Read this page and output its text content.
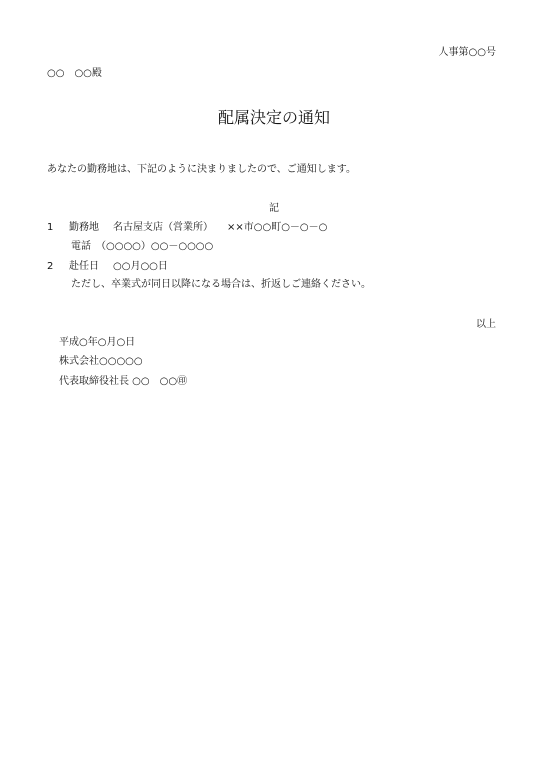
人事第○○号
○○　○○殿
配属決定の通知
あなたの勤務地は、下記のように決まりましたので、ご通知します。
記
1 勤務地 名古屋支店（営業所） ××市○○町○－○－○
電話　（○○○○）○○－○○○○
2 赴任日 ○○月○○日
ただし、卒業式が同日以降になる場合は、折返しご連絡ください。
以上
平成○年○月○日
株式会社○○○○○
代表取締役社長 ○○　○○㊞
